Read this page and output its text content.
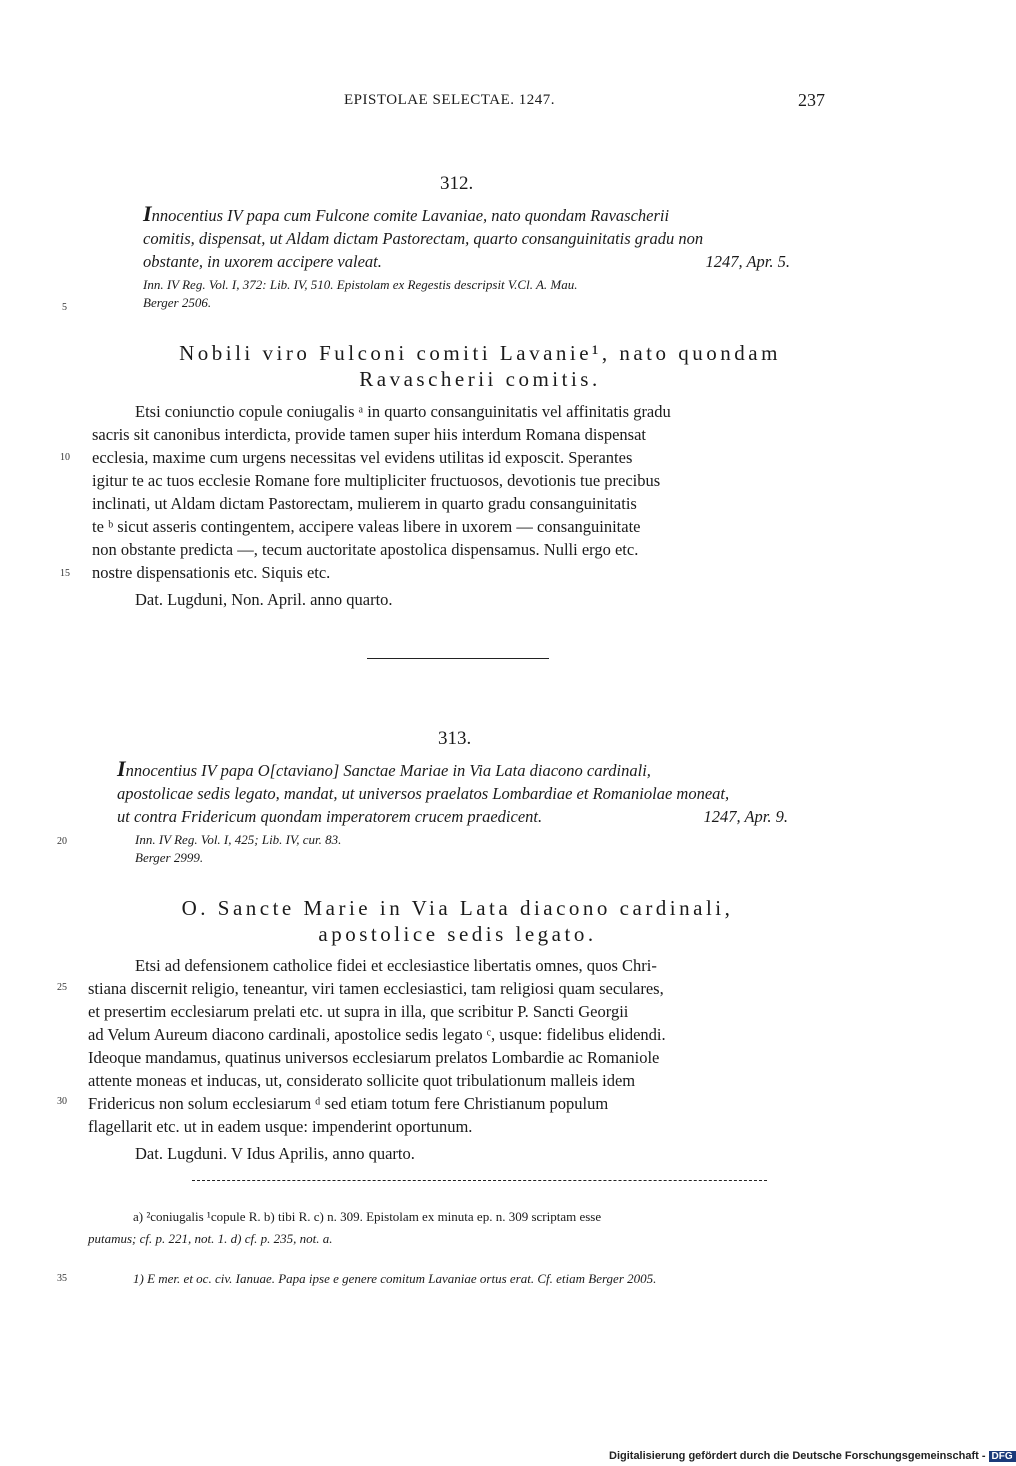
EPISTOLAE SELECTAE. 1247.	237
312.
Innocentius IV papa cum Fulcone comite Lavaniae, nato quondam Ravascherii
comitis, dispensat, ut Aldam dictam Pastorectam, quarto consanguinitatis gradu non
obstante, in uxorem accipere valeat.	1247, Apr. 5.
Inn. IV Reg. Vol. I, 372: Lib. IV, 510. Epistolam ex Regestis descripsit V.Cl. A. Mau.
Berger 2506.
Nobili viro Fulconi comiti Lavanie¹, nato quondam
Ravascherii comitis.
Etsi coniunctio copule coniugalis ᵃ in quarto consanguinitatis vel affinitatis gradu
sacris sit canonibus interdicta, provide tamen super hiis interdum Romana dispensat
ecclesia, maxime cum urgens necessitas vel evidens utilitas id exposcit. Sperantes
igitur te ac tuos ecclesie Romane fore multipliciter fructuosos, devotionis tue precibus
inclinati, ut Aldam dictam Pastorectam, mulierem in quarto gradu consanguinitatis
te ᵇ sicut asseris contingentem, accipere valeas libere in uxorem — consanguinitate
non obstante predicta —, tecum auctoritate apostolica dispensamus. Nulli ergo etc.
nostre dispensationis etc. Siquis etc.
Dat. Lugduni, Non. April. anno quarto.
313.
Innocentius IV papa O[ctaviano] Sanctae Mariae in Via Lata diacono cardinali,
apostolicae sedis legato, mandat, ut universos praelatos Lombardiae et Romaniolae moneat,
ut contra Fridericum quondam imperatorem crucem praedicent.	1247, Apr. 9.
Inn. IV Reg. Vol. I, 425; Lib. IV, cur. 83.
Berger 2999.
O. Sancte Marie in Via Lata diacono cardinali,
apostolice sedis legato.
Etsi ad defensionem catholice fidei et ecclesiastice libertatis omnes, quos Chri-
stiana discernit religio, teneantur, viri tamen ecclesiastici, tam religiosi quam seculares,
et presertim ecclesiarum prelati etc. ut supra in illa, que scribitur P. Sancti Georgii
ad Velum Aureum diacono cardinali, apostolice sedis legato ᶜ, usque: fidelibus elidendi.
Ideoque mandamus, quatinus universos ecclesiarum prelatos Lombardie ac Romaniole
attente moneas et inducas, ut, considerato sollicite quot tribulationum malleis idem
Fridericus non solum ecclesiarum ᵈ sed etiam totum fere Christianum populum
flagellarit etc. ut in eadem usque: impenderint oportunum.
Dat. Lugduni. V Idus Aprilis, anno quarto.
a) ²coniugalis ¹copule R. b) tibi R. c) n. 309. Epistolam ex minuta ep. n. 309 scriptam esse
putamus; cf. p. 221, not. 1. d) cf. p. 235, not. a.
1) E mer. et oc. civ. Ianuae. Papa ipse e genere comitum Lavaniae ortus erat. Cf. etiam Berger 2005.
5
10
15
20
25
30
35
Digitalisierung gefördert durch die Deutsche Forschungsgemeinschaft - DFG
